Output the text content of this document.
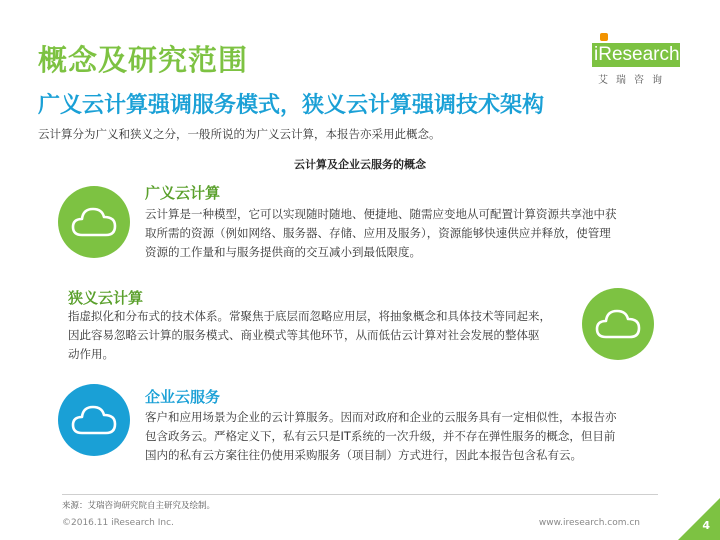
概念及研究范围
广义云计算强调服务模式，狭义云计算强调技术架构
iResearch
艾瑞咨询
云计算分为广义和狭义之分，一般所说的为广义云计算，本报告亦采用此概念。
云计算及企业云服务的概念
广义云计算
云计算是一种模型，它可以实现随时随地、便捷地、随需应变地从可配置计算资源共享池中获
取所需的资源（例如网络、服务器、存储、应用及服务），资源能够快速供应并释放，使管理
资源的工作量和与服务提供商的交互减小到最低限度。
狭义云计算
指虚拟化和分布式的技术体系。常聚焦于底层而忽略应用层，将抽象概念和具体技术等同起来，
因此容易忽略云计算的服务模式、商业模式等其他环节，从而低估云计算对社会发展的整体驱
动作用。
企业云服务
客户和应用场景为企业的云计算服务。因而对政府和企业的云服务具有一定相似性，本报告亦
包含政务云。严格定义下，私有云只是IT系统的一次升级，并不存在弹性服务的概念，但目前
国内的私有云方案往往仍使用采购服务（项目制）方式进行，因此本报告包含私有云。
来源：艾瑞咨询研究院自主研究及绘制。
©2016.11 iResearch Inc.	www.iresearch.com.cn	4
